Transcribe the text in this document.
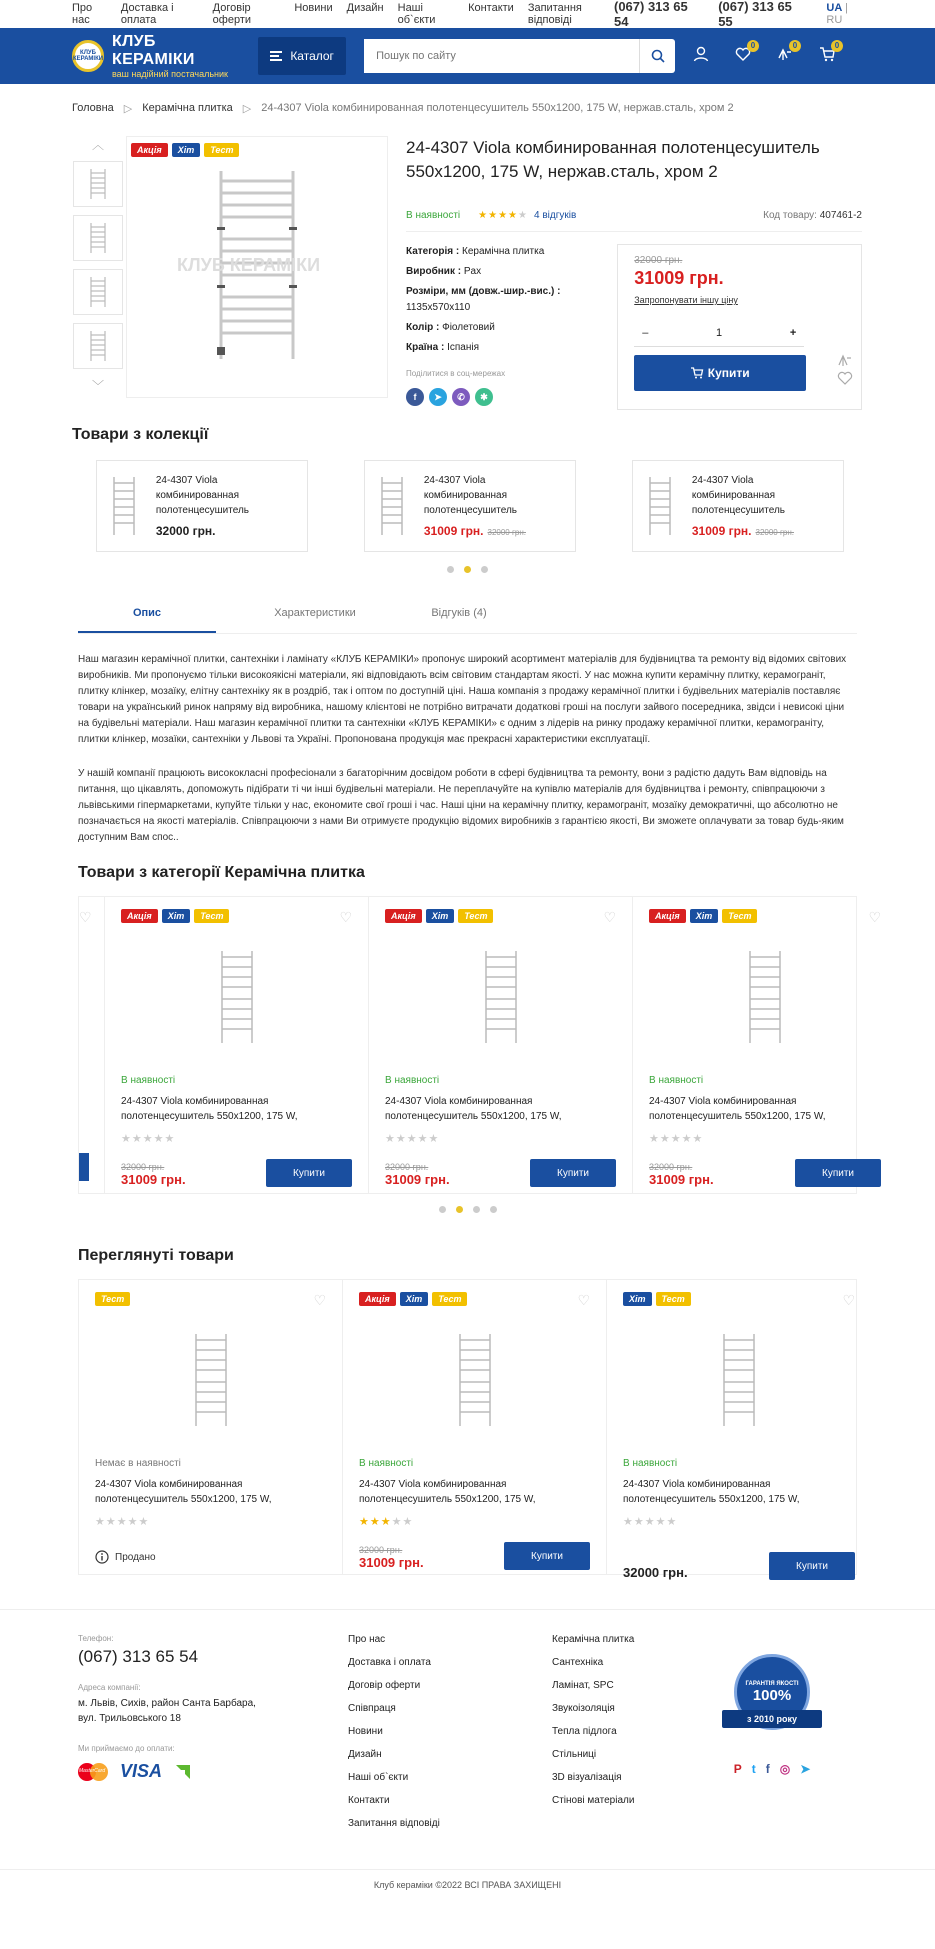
Про нас
Доставка і оплата
Договір оферти
Новини Дизайн Наші об`єкти
Контакти Запитання відповіді
(067) 313 65 54
(067) 313 65 55
UA | RU
КЛУБ КЕРАМІКИ
КЛУБ КЕРАМІКИ
ваш надійний постачальник
Каталог
Пошук по сайту
0	0	0
Головна ▷ Керамічна плитка ▷ 24-4307 Viola комбинированная полотенцесушитель 550x1200, 175 W, нержав.сталь, хром 2
︿
﹀
Акція	Хіт	Тест
КЛУБ КЕРАМІКИ
24-4307 Viola комбинированная полотенцесушитель 550x1200, 175 W, нержав.сталь, хром 2
В наявності ★★★★★ 4 відгуків	Код товару: 407461-2
Категорія : Керамічна плитка
Виробник : Pax
Розміри, мм (довж.-шир.-вис.) :
1135x570x110
Колір : Фіолетовий
Країна : Іспанія
Поділитися в соц-мережах
f	➤	✆	✱
32000 грн.
31009 грн.
Запропонувати іншу ціну
–	1	+
Купити
Товари з колекції
24-4307 Viola комбинированная полотенцесушитель
32000 грн.
24-4307 Viola комбинированная полотенцесушитель
31009 грн. 32000 грн.
24-4307 Viola комбинированная полотенцесушитель
31009 грн. 32000 грн.
Опис	Характеристики	Відгуків (4)

Наш магазин керамічної плитки, сантехніки і ламінату «КЛУБ КЕРАМІКИ» пропонує широкий асортимент матеріалів для будівництва та ремонту від відомих світових виробників. Ми пропонуємо тільки високоякісні матеріали, які відповідають всім світовим стандартам якості. У нас можна купити керамічну плитку, керамограніт, плитку клінкер, мозаїку, елітну сантехніку як в роздріб, так і оптом по доступній ціні. Наша компанія з продажу керамічної плитки і будівельних матеріалів поставляє товари на український ринок напряму від виробника, нашому клієнтові не потрібно витрачати додаткові гроші на послуги зайвого посередника, звідси і невисокі ціни на будівельні матеріали. Наш магазин керамічної плитки та сантехніки «КЛУБ КЕРАМІКИ» є одним з лідерів на ринку продажу керамічної плитки, керамограніту, плитки клінкер, мозаїки, сантехніки у Львові та Україні. Пропонована продукція має прекрасні характеристики експлуатації.

У нашій компанії працюють висококласні професіонали з багаторічним досвідом роботи в сфері будівництва та ремонту, вони з радістю дадуть Вам відповідь на питання, що цікавлять, допоможуть підібрати ті чи інші будівельні матеріали. Не переплачуйте на купівлю матеріалів для будівництва і ремонту, співпрацюючи з львівськими гіпермаркетами, купуйте тільки у нас, економите свої гроші і час. Наші ціни на керамічну плитку, керамограніт, мозаїку демократичні, що абсолютно не позначається на якості матеріалів. Співпрацюючи з нами Ви отримуєте продукцію відомих виробників з гарантією якості, Ви зможете оплачувати за товар будь-яким доступним Вам спос..

Товари з категорії Керамічна плитка
♡	Акція	Хіт	Тест	♡
В наявності
24-4307 Viola комбинированная полотенцесушитель 550x1200, 175 W,
★★★★★
32000 грн.
31009 грн.	Купити
Акція	Хіт	Тест	♡
В наявності
24-4307 Viola комбинированная полотенцесушитель 550x1200, 175 W,
★★★★★
32000 грн.
31009 грн.	Купити
Акція	Хіт	Тест	♡
В наявності
24-4307 Viola комбинированная полотенцесушитель 550x1200, 175 W,
★★★★★
32000 грн.
31009 грн.	Купити
Переглянуті товари
Тест	♡
Немає в наявності
24-4307 Viola комбинированная полотенцесушитель 550x1200, 175 W,
★★★★★
Продано
Акція	Хіт	Тест	♡
В наявності
24-4307 Viola комбинированная полотенцесушитель 550x1200, 175 W,
★★★★★
32000 грн.
31009 грн.	Купити
Хіт	Тест	♡
В наявності
24-4307 Viola комбинированная полотенцесушитель 550x1200, 175 W,
★★★★★
32000 грн.	Купити
Телефон:
(067) 313 65 54
Адреса компанії:
м. Львів, Сихів, район Санта Барбара,
вул. Трильовського 18
Ми приймаємо до оплати:
MasterCard VISA
Про нас
Доставка і оплата
Договір оферти
Співпраця
Новини
Дизайн
Наші об`єкти
Контакти
Запитання відповіді
Керамічна плитка
Сантехніка
Ламінат, SPC
Звукоізоляція
Тепла підлога
Стільниці
3D візуалізація
Стінові матеріали
ГАРАНТІЯ ЯКОСТІ
100%
з 2010 року
P t f ◎ ➤
Клуб кераміки ©2022 ВСІ ПРАВА ЗАХИЩЕНІ
